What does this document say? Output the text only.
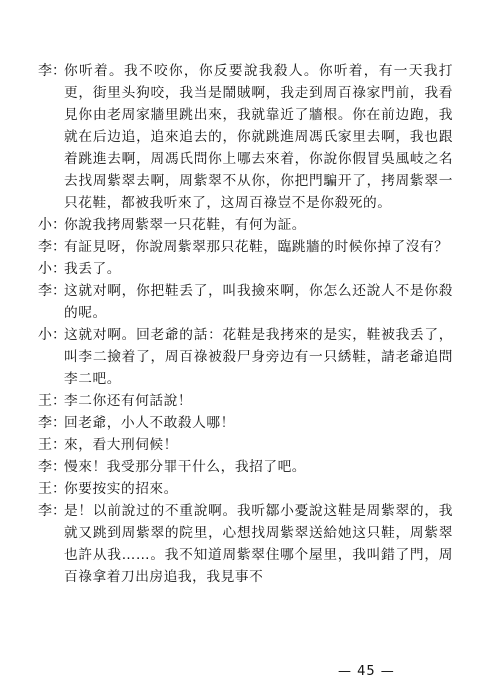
李：
你听着。我不咬你，你反要說我殺人。你听着，有一天我打更，街里头狗咬，我当是鬧賊啊，我走到周百祿家門前，我看見你由老周家牆里跳出來，我就靠近了牆根。你在前边跑，我就在后边追，追來追去的，你就跳進周馮氏家里去啊，我也跟着跳進去啊，周馮氏問你上哪去來着，你說你假冒吳風岐之名去找周紫翠去啊，周紫翠不从你，你把門騙开了，拷周紫翠一只花鞋，都被我听來了，这周百祿豈不是你殺死的。
小：
你說我拷周紫翠一只花鞋，有何为証。
李：
有証見呀，你說周紫翠那只花鞋，臨跳牆的时候你掉了沒有？
小：
我丢了。
李：
这就对啊，你把鞋丢了，叫我撿來啊，你怎么还說人不是你殺的呢。
小：
这就对啊。回老爺的話：花鞋是我拷來的是实，鞋被我丢了，叫李二撿着了，周百祿被殺尸身旁边有一只綉鞋，請老爺追問李二吧。
王：
李二你还有何話說！
李：
回老爺，小人不敢殺人哪！
王：
來，看大刑伺候！
李：
慢來！我受那分罪干什么，我招了吧。
王：
你要按实的招來。
李：
是！以前說过的不重說啊。我听鄒小憂說这鞋是周紫翠的，我就又跳到周紫翠的院里，心想找周紫翠送給她这只鞋，周紫翠也許从我……。我不知道周紫翠住哪个屋里，我叫錯了門，周百祿拿着刀出房追我，我見事不
— 45 —
